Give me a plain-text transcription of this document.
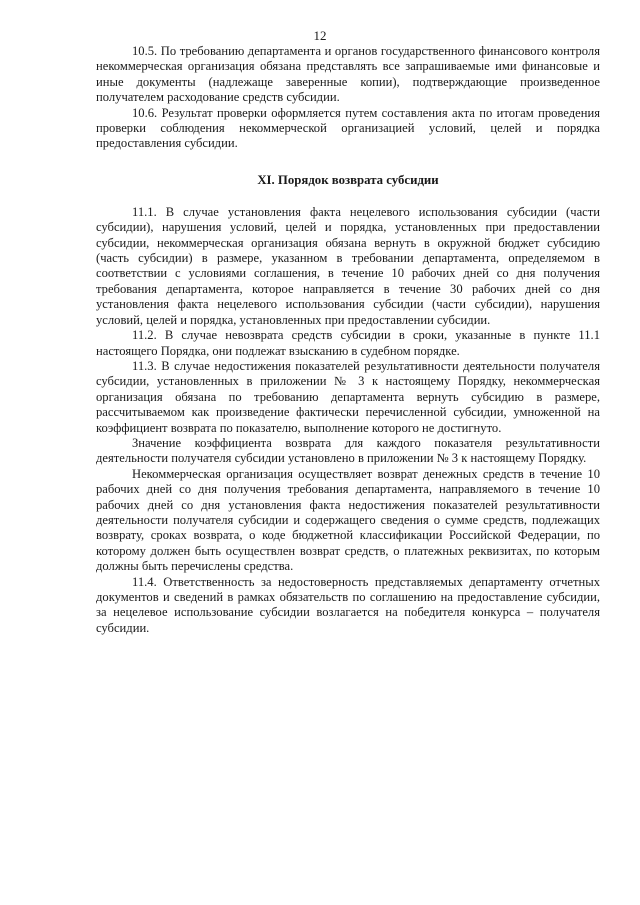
12

10.5. По требованию департамента и органов государственного финансового контроля некоммерческая организация обязана представлять все запрашиваемые ими финансовые и иные документы (надлежаще заверенные копии), подтверждающие произведенное получателем расходование средств субсидии.

10.6. Результат проверки оформляется путем составления акта по итогам проведения проверки соблюдения некоммерческой организацией условий, целей и порядка предоставления субсидии.

XI. Порядок возврата субсидии

11.1. В случае установления факта нецелевого использования субсидии (части субсидии), нарушения условий, целей и порядка, установленных при предоставлении субсидии, некоммерческая организация обязана вернуть в окружной бюджет субсидию (часть субсидии) в размере, указанном в требовании департамента, определяемом в соответствии с условиями соглашения, в течение 10 рабочих дней со дня получения требования департамента, которое направляется в течение 30 рабочих дней со дня установления факта нецелевого использования субсидии (части субсидии), нарушения условий, целей и порядка, установленных при предоставлении субсидии.

11.2. В случае невозврата средств субсидии в сроки, указанные в пункте 11.1 настоящего Порядка, они подлежат взысканию в судебном порядке.

11.3. В случае недостижения показателей результативности деятельности получателя субсидии, установленных в приложении № 3 к настоящему Порядку, некоммерческая организация обязана по требованию департамента вернуть субсидию в размере, рассчитываемом как произведение фактически перечисленной субсидии, умноженной на коэффициент возврата по показателю, выполнение которого не достигнуто.

Значение коэффициента возврата для каждого показателя результативности деятельности получателя субсидии установлено в приложении № 3 к настоящему Порядку.

Некоммерческая организация осуществляет возврат денежных средств в течение 10 рабочих дней со дня получения требования департамента, направляемого в течение 10 рабочих дней со дня установления факта недостижения показателей результативности деятельности получателя субсидии и содержащего сведения о сумме средств, подлежащих возврату, сроках возврата, о коде бюджетной классификации Российской Федерации, по которому должен быть осуществлен возврат средств, о платежных реквизитах, по которым должны быть перечислены средства.

11.4. Ответственность за недостоверность представляемых департаменту отчетных документов и сведений в рамках обязательств по соглашению на предоставление субсидии, за нецелевое использование субсидии возлагается на победителя конкурса – получателя субсидии.
